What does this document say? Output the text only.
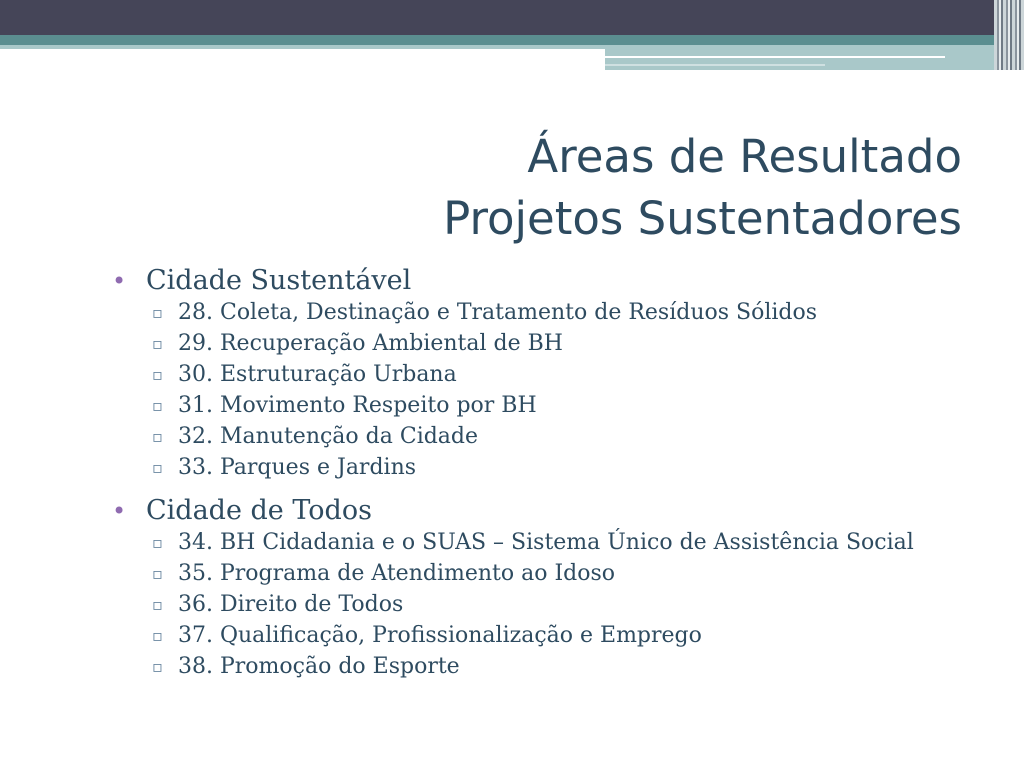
Áreas de Resultado
Projetos Sustentadores
• Cidade Sustentável
▫ 28. Coleta, Destinação e Tratamento de Resíduos Sólidos
▫ 29. Recuperação Ambiental de BH
▫ 30. Estruturação Urbana
▫ 31. Movimento Respeito por BH
▫ 32. Manutenção da Cidade
▫ 33. Parques e Jardins
• Cidade de Todos
▫ 34. BH Cidadania e o SUAS – Sistema Único de Assistência Social
▫ 35. Programa de Atendimento ao Idoso
▫ 36. Direito de Todos
▫ 37. Qualificação, Profissionalização e Emprego
▫ 38. Promoção do Esporte
